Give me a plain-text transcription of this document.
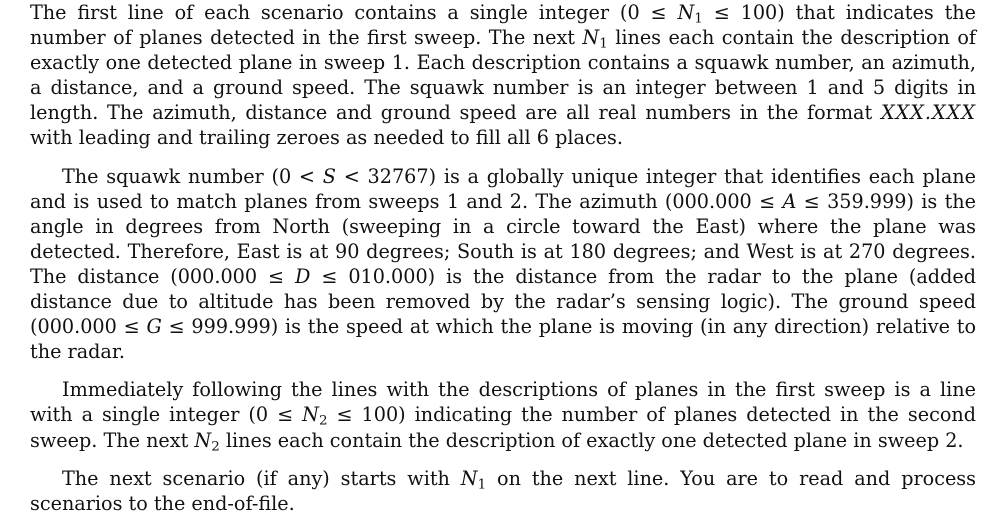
The first line of each scenario contains a single integer $(0 \le N_1 \le 100)$ that indicates the number of planes detected in the first sweep. The next $N_1$ lines each contain the description of exactly one detected plane in sweep 1. Each description contains a squawk number, an azimuth, a distance, and a ground speed. The squawk number is an integer between 1 and 5 digits in length. The azimuth, distance and ground speed are all real numbers in the format XXX.XXX with leading and trailing zeroes as needed to fill all 6 places.

The squawk number (0 < S < 32767) is a globally unique integer that identifies each plane and is used to match planes from sweeps 1 and 2. The azimuth (000.000 ≤ A ≤ 359.999) is the angle in degrees from North (sweeping in a circle toward the East) where the plane was detected. Therefore, East is at 90 degrees; South is at 180 degrees; and West is at 270 degrees. The distance (000.000 ≤ D ≤ 010.000) is the distance from the radar to the plane (added distance due to altitude has been removed by the radar’s sensing logic). The ground speed (000.000 ≤ G ≤ 999.999) is the speed at which the plane is moving (in any direction) relative to the radar.

Immediately following the lines with the descriptions of planes in the first sweep is a line with a single integer $(0 \le N_2 \le 100)$ indicating the number of planes detected in the second sweep. The next $N_2$ lines each contain the description of exactly one detected plane in sweep 2.

The next scenario (if any) starts with $N_1$ on the next line. You are to read and process scenarios to the end-of-file.
